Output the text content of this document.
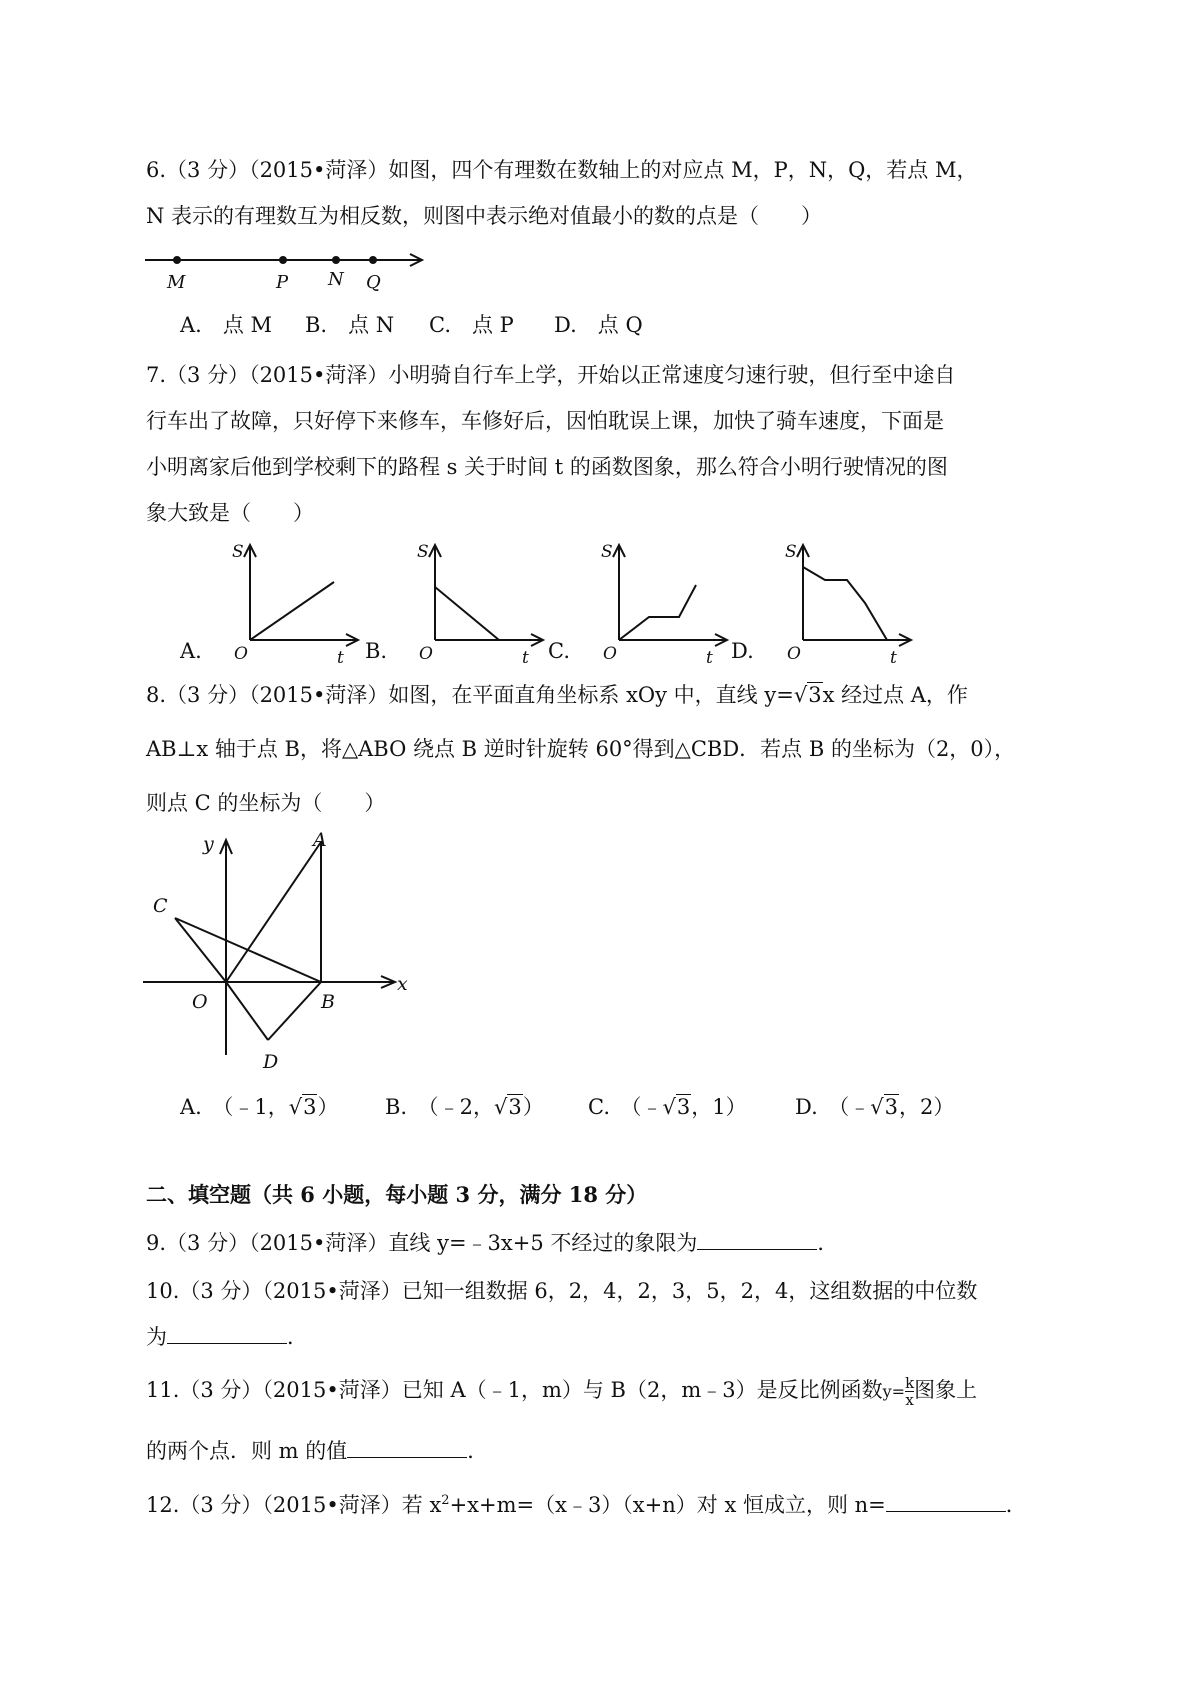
6.（3 分）（2015•菏泽）如图，四个有理数在数轴上的对应点 M，P，N，Q，若点 M，
N 表示的有理数互为相反数，则图中表示绝对值最小的数的点是（　　）
M	P N Q
A.　点 M B.　点 N C.　点 P D.　点 Q
7.（3 分）（2015•菏泽）小明骑自行车上学，开始以正常速度匀速行驶，但行至中途自
行车出了故障，只好停下来修车，车修好后，因怕耽误上课，加快了骑车速度，下面是
小明离家后他到学校剩下的路程 s 关于时间 t 的函数图象，那么符合小明行驶情况的图
象大致是（　　）
A.
S
O	t B.
S
O	t C.
S
O	t D.
S
O	t
8.（3 分）（2015•菏泽）如图，在平面直角坐标系 xOy 中，直线 y=√3x 经过点 A，作
AB⊥x 轴于点 B，将△ABO 绕点 B 逆时针旋转 60°得到△CBD．若点 B 的坐标为（2，0），
则点 C 的坐标为（　　）
y	A
C
O	B
D
x
A.　 （﹣1，√3） B.　 （﹣2，√3） C.　 （﹣√3，1） D.　 （﹣√3，2）
二、填空题（共 6 小题，每小题 3 分，满分 18 分）
9.（3 分）（2015•菏泽）直线 y=﹣3x+5 不经过的象限为	．
10.（3 分）（2015•菏泽）已知一组数据 6，2，4，2，3，5，2，4，这组数据的中位数
为	．
11.（3 分）（2015•菏泽）已知 A（﹣1，m）与 B（2，m﹣3）是反比例函数$y= \frac{k}{x}$ 图象上
的两个点．则 m 的值	．
12.（3 分）（2015•菏泽）若 $x^2+x+m=(x﹣3)(x+n)$对 x 恒成立，则 n=	．
